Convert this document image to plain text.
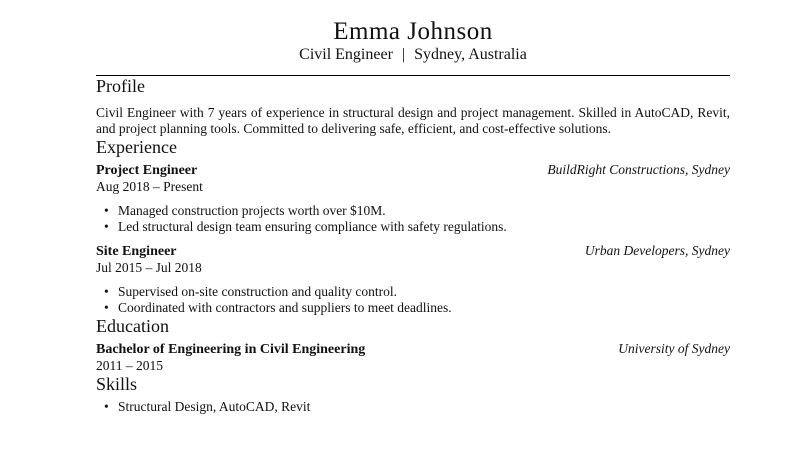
Emma Johnson
Civil Engineer | Sydney, Australia
Profile

Civil Engineer with 7 years of experience in structural design and project management. Skilled in AutoCAD, Revit, and project planning tools. Committed to delivering safe, efficient, and cost-effective solutions.

Experience
Project Engineer	BuildRight Constructions, Sydney
Aug 2018 – Present
• Managed construction projects worth over $10M.
• Led structural design team ensuring compliance with safety regulations.
Site Engineer	Urban Developers, Sydney
Jul 2015 – Jul 2018
• Supervised on-site construction and quality control.
• Coordinated with contractors and suppliers to meet deadlines.
Education
Bachelor of Engineering in Civil Engineering	University of Sydney
2011 – 2015
Skills
• Structural Design, AutoCAD, Revit
